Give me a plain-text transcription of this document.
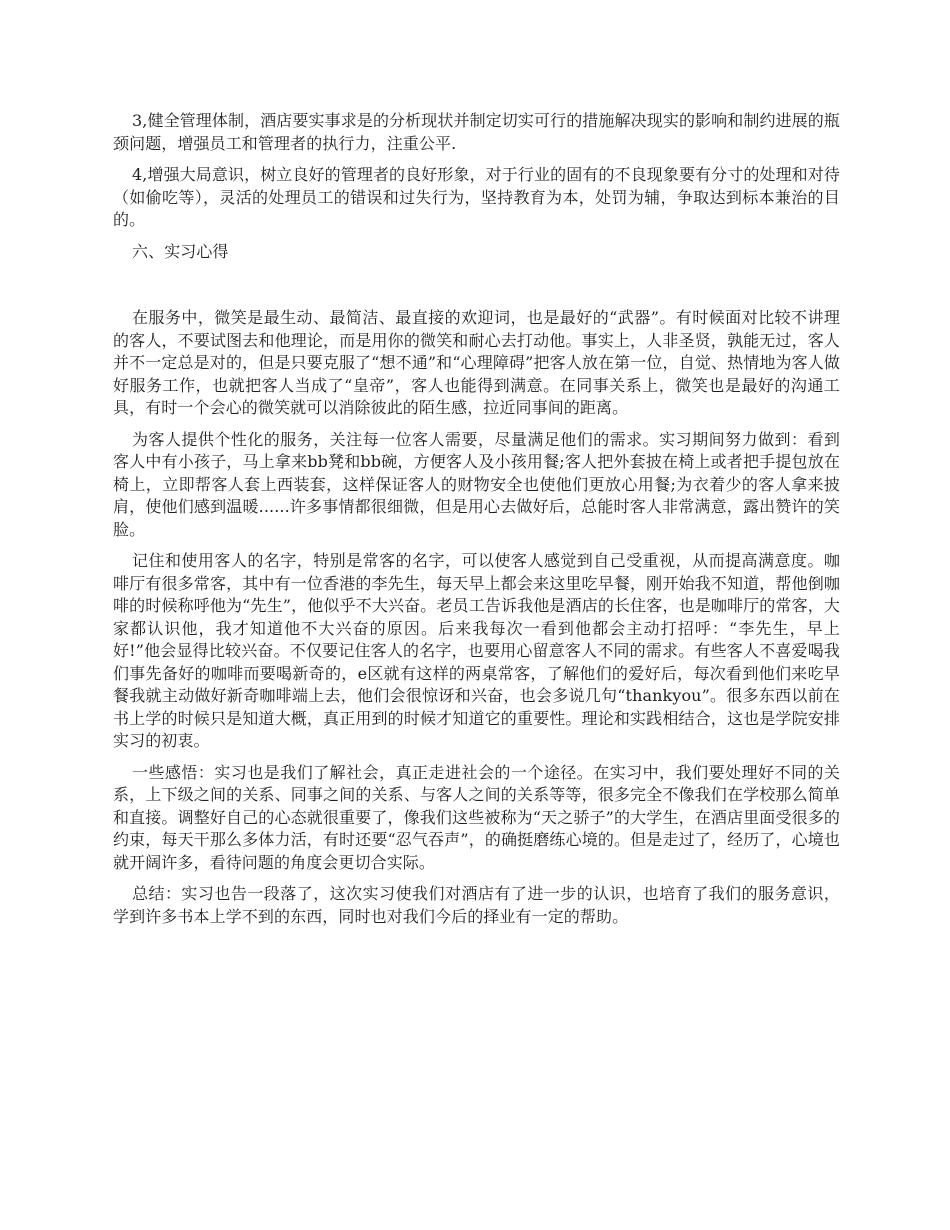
3,健全管理体制，酒店要实事求是的分析现状并制定切实可行的措施解决现实的影响和制约进展的瓶颈问题，增强员工和管理者的执行力，注重公平.

4,增强大局意识，树立良好的管理者的良好形象，对于行业的固有的不良现象要有分寸的处理和对待（如偷吃等），灵活的处理员工的错误和过失行为，坚持教育为本，处罚为辅，争取达到标本兼治的目的。

六、实习心得

在服务中，微笑是最生动、最简洁、最直接的欢迎词，也是最好的“武器”。有时候面对比较不讲理的客人，不要试图去和他理论，而是用你的微笑和耐心去打动他。事实上，人非圣贤，孰能无过，客人并不一定总是对的，但是只要克服了“想不通”和“心理障碍”把客人放在第一位，自觉、热情地为客人做好服务工作，也就把客人当成了“皇帝”，客人也能得到满意。在同事关系上，微笑也是最好的沟通工具，有时一个会心的微笑就可以消除彼此的陌生感，拉近同事间的距离。

为客人提供个性化的服务，关注每一位客人需要，尽量满足他们的需求。实习期间努力做到：看到客人中有小孩子，马上拿来bb凳和bb碗，方便客人及小孩用餐;客人把外套披在椅上或者把手提包放在椅上，立即帮客人套上西装套，这样保证客人的财物安全也使他们更放心用餐;为衣着少的客人拿来披肩，使他们感到温暖......许多事情都很细微，但是用心去做好后，总能时客人非常满意，露出赞许的笑脸。

记住和使用客人的名字，特别是常客的名字，可以使客人感觉到自己受重视，从而提高满意度。咖啡厅有很多常客，其中有一位香港的李先生，每天早上都会来这里吃早餐，刚开始我不知道，帮他倒咖啡的时候称呼他为“先生”，他似乎不大兴奋。老员工告诉我他是酒店的长住客，也是咖啡厅的常客，大家都认识他，我才知道他不大兴奋的原因。后来我每次一看到他都会主动打招呼：“李先生，早上好!”他会显得比较兴奋。不仅要记住客人的名字，也要用心留意客人不同的需求。有些客人不喜爱喝我们事先备好的咖啡而要喝新奇的，e区就有这样的两桌常客，了解他们的爱好后，每次看到他们来吃早餐我就主动做好新奇咖啡端上去，他们会很惊讶和兴奋，也会多说几句“thankyou”。很多东西以前在书上学的时候只是知道大概，真正用到的时候才知道它的重要性。理论和实践相结合，这也是学院安排实习的初衷。

一些感悟：实习也是我们了解社会，真正走进社会的一个途径。在实习中，我们要处理好不同的关系，上下级之间的关系、同事之间的关系、与客人之间的关系等等，很多完全不像我们在学校那么简单和直接。调整好自己的心态就很重要了，像我们这些被称为“天之骄子”的大学生，在酒店里面受很多的约束，每天干那么多体力活，有时还要“忍气吞声”，的确挺磨练心境的。但是走过了，经历了，心境也就开阔许多，看待问题的角度会更切合实际。

总结：实习也告一段落了，这次实习使我们对酒店有了进一步的认识，也培育了我们的服务意识，学到许多书本上学不到的东西，同时也对我们今后的择业有一定的帮助。
